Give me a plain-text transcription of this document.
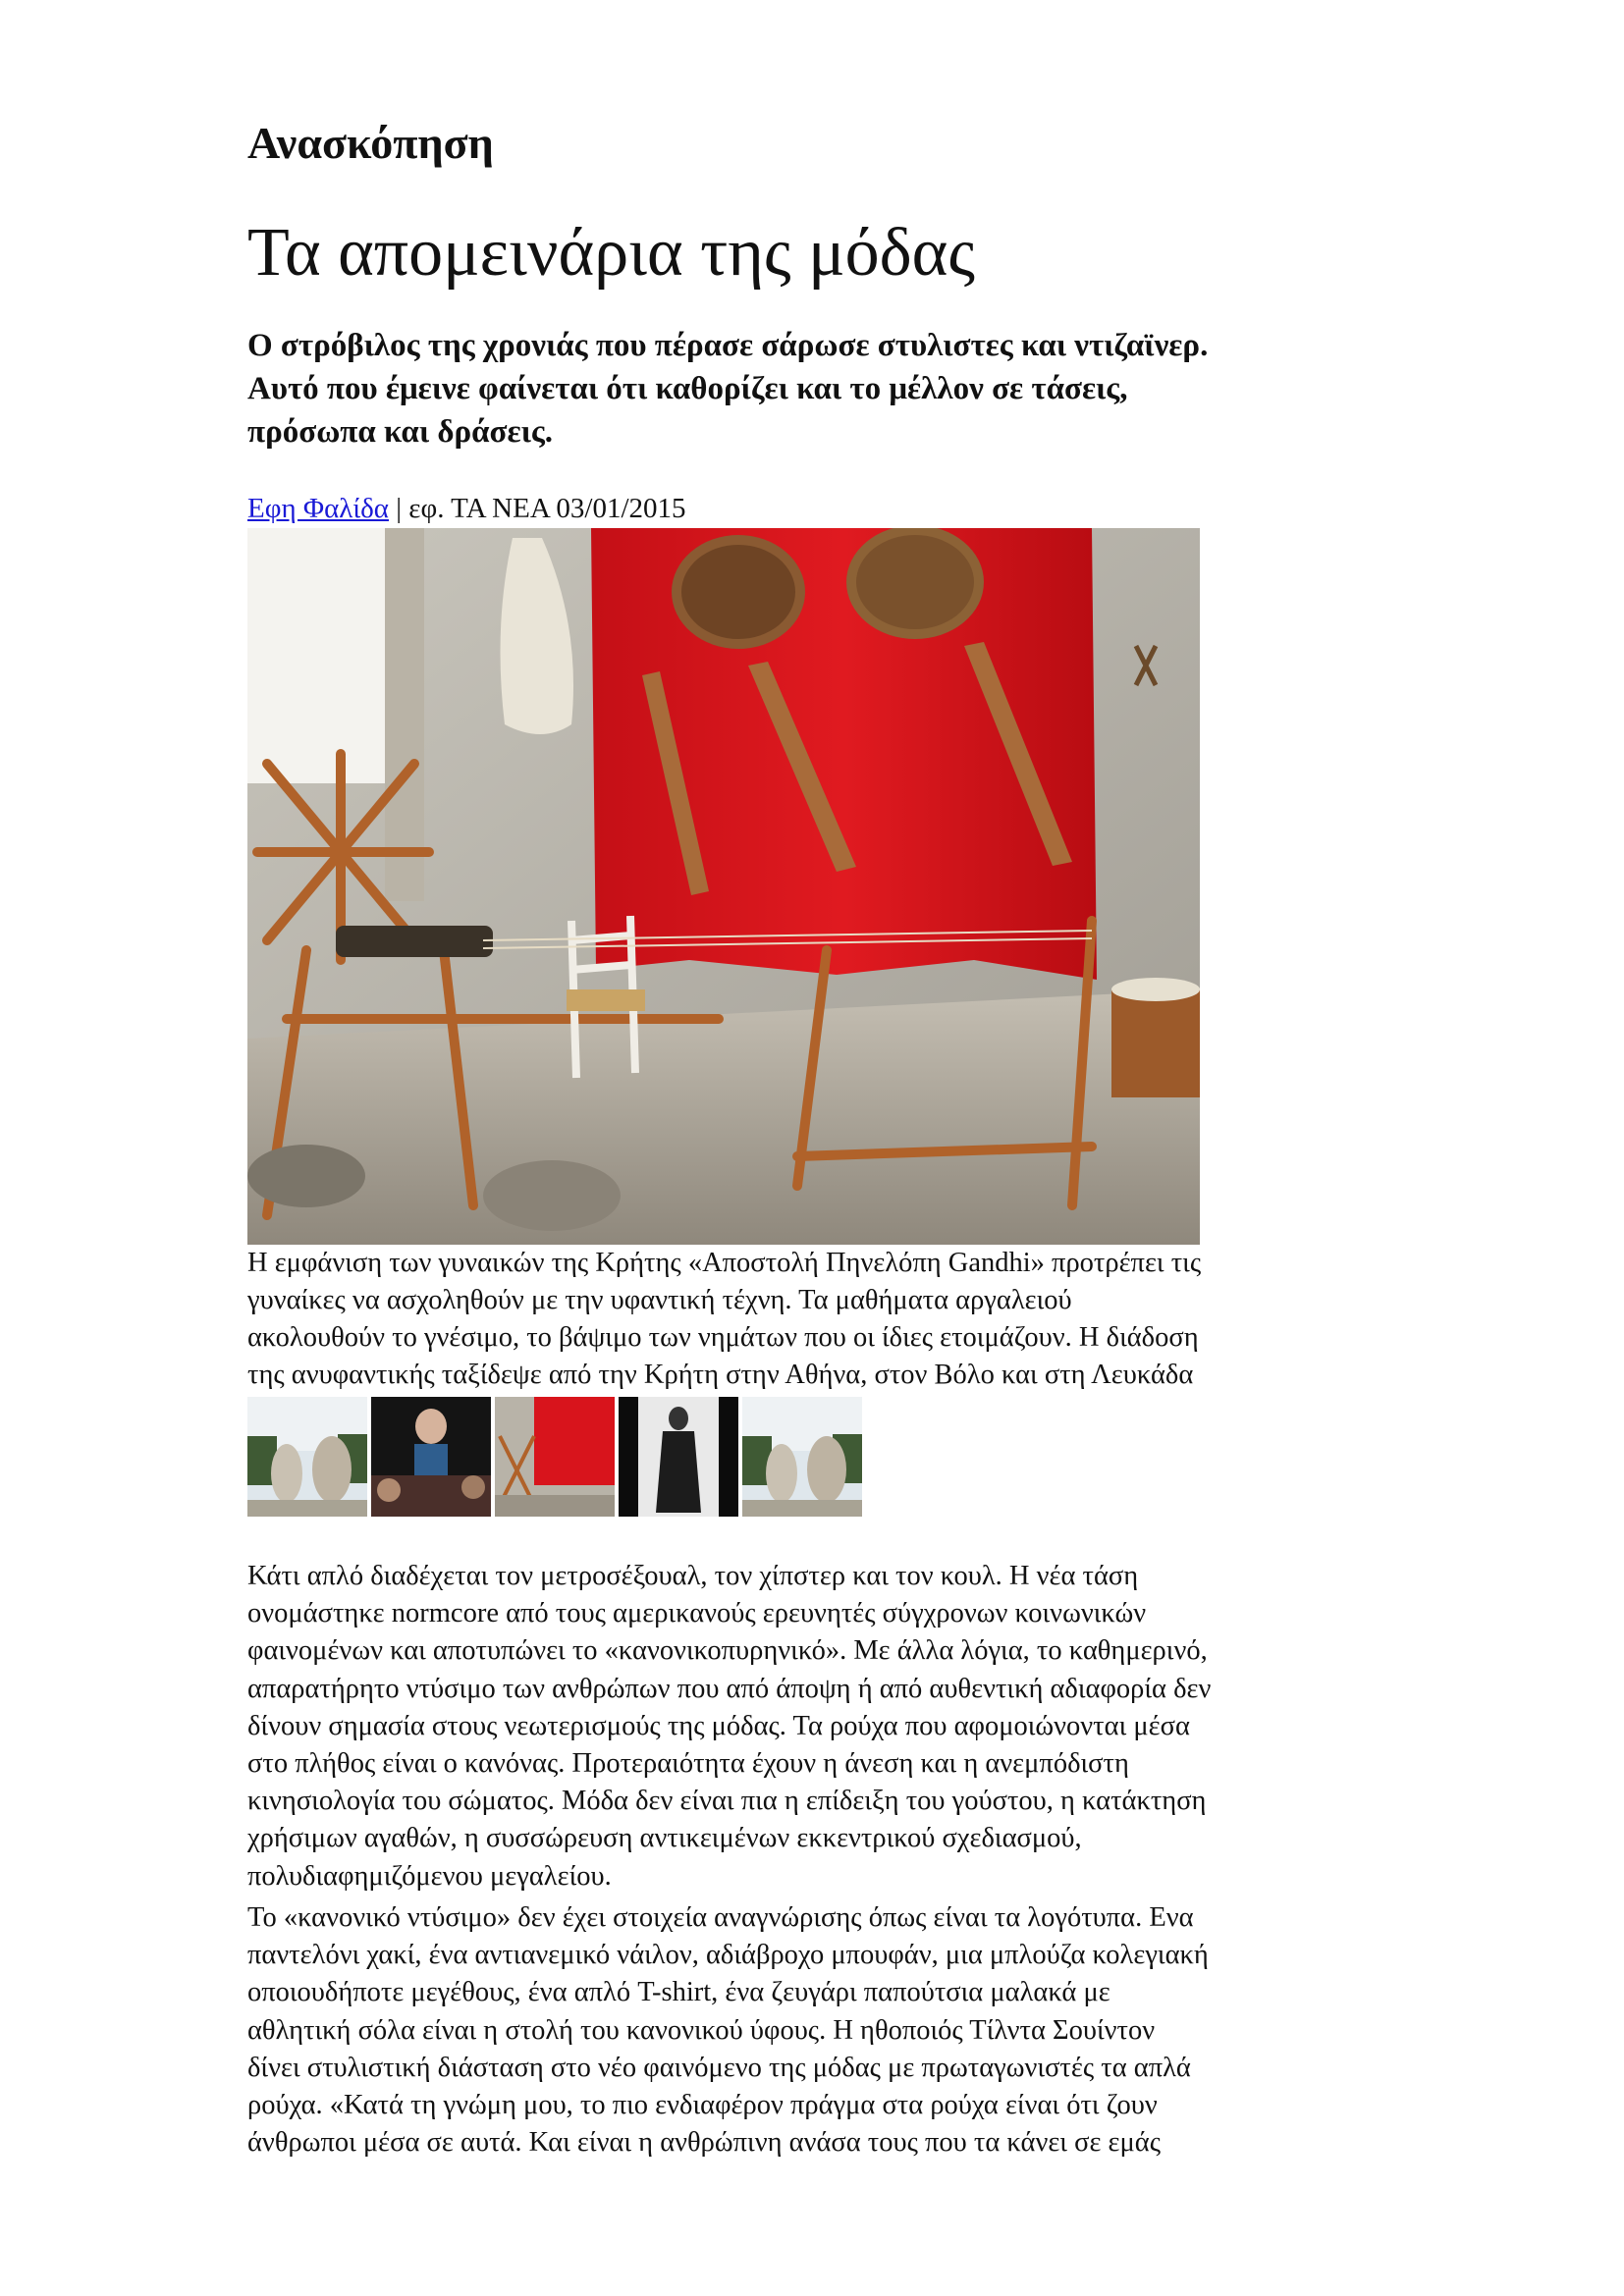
Ανασκόπηση
Τα απομεινάρια της μόδας
Ο στρόβιλος της χρονιάς που πέρασε σάρωσε στυλιστες και ντιζαϊνερ.
Αυτό που έμεινε φαίνεται ότι καθορίζει και το μέλλον σε τάσεις,
πρόσωπα και δράσεις.
Εφη Φαλίδα | εφ. ΤΑ ΝΕΑ 03/01/2015
Η εμφάνιση των γυναικών της Κρήτης «Αποστολή Πηνελόπη Gandhi» προτρέπει τις
γυναίκες να ασχοληθούν με την υφαντική τέχνη. Τα μαθήματα αργαλειού
ακολουθούν το γνέσιμο, το βάψιμο των νημάτων που οι ίδιες ετοιμάζουν. Η διάδοση
της ανυφαντικής ταξίδεψε από την Κρήτη στην Αθήνα, στον Βόλο και στη Λευκάδα
Κάτι απλό διαδέχεται τον μετροσέξουαλ, τον χίπστερ και τον κουλ. Η νέα τάση
ονομάστηκε normcore από τους αμερικανούς ερευνητές σύγχρονων κοινωνικών
φαινομένων και αποτυπώνει το «κανονικοπυρηνικό». Με άλλα λόγια, το καθημερινό,
απαρατήρητο ντύσιμο των ανθρώπων που από άποψη ή από αυθεντική αδιαφορία δεν
δίνουν σημασία στους νεωτερισμούς της μόδας. Τα ρούχα που αφομοιώνονται μέσα
στο πλήθος είναι ο κανόνας. Προτεραιότητα έχουν η άνεση και η ανεμπόδιστη
κινησιολογία του σώματος. Μόδα δεν είναι πια η επίδειξη του γούστου, η κατάκτηση
χρήσιμων αγαθών, η συσσώρευση αντικειμένων εκκεντρικού σχεδιασμού,
πολυδιαφημιζόμενου μεγαλείου.
Το «κανονικό ντύσιμο» δεν έχει στοιχεία αναγνώρισης όπως είναι τα λογότυπα. Ενα
παντελόνι χακί, ένα αντιανεμικό νάιλον, αδιάβροχο μπουφάν, μια μπλούζα κολεγιακή
οποιουδήποτε μεγέθους, ένα απλό T-shirt, ένα ζευγάρι παπούτσια μαλακά με
αθλητική σόλα είναι η στολή του κανονικού ύφους. Η ηθοποιός Τίλντα Σουίντον
δίνει στυλιστική διάσταση στο νέο φαινόμενο της μόδας με πρωταγωνιστές τα απλά
ρούχα. «Κατά τη γνώμη μου, το πιο ενδιαφέρον πράγμα στα ρούχα είναι ότι ζουν
άνθρωποι μέσα σε αυτά. Και είναι η ανθρώπινη ανάσα τους που τα κάνει σε εμάς
